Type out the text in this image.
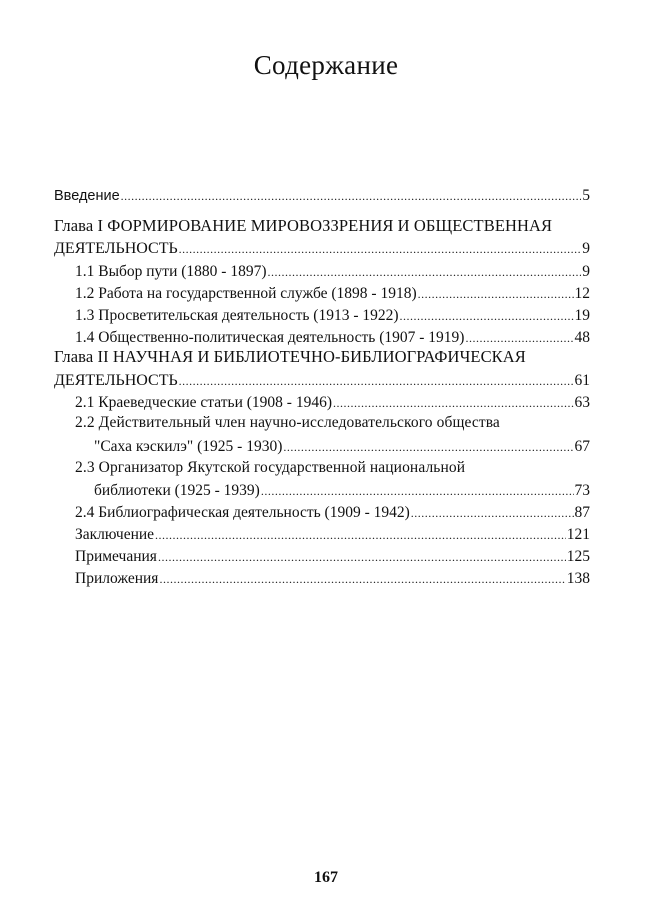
Содержание
Введение .....	5
Глава I ФОРМИРОВАНИЕ МИРОВОЗЗРЕНИЯ И ОБЩЕСТВЕННАЯ
ДЕЯТЕЛЬНОСТЬ .....	9
1.1 Выбор пути (1880 - 1897) .....	9
1.2 Работа на государственной службе (1898 - 1918) .....	12
1.3 Просветительская деятельность (1913 - 1922) .....	19
1.4 Общественно-политическая деятельность (1907 - 1919) .....	48
Глава II НАУЧНАЯ И БИБЛИОТЕЧНО-БИБЛИОГРАФИЧЕСКАЯ
ДЕЯТЕЛЬНОСТЬ .....	61
2.1 Краеведческие статьи (1908 - 1946) .....	63
2.2 Действительный член научно-исследовательского общества
"Саха кэскилэ" (1925 - 1930) .....	67
2.3 Организатор Якутской государственной национальной
библиотеки (1925 - 1939) .....	73
2.4 Библиографическая деятельность (1909 - 1942) .....	87
Заключение .....	121
Примечания .....	125
Приложения .....	138
167
